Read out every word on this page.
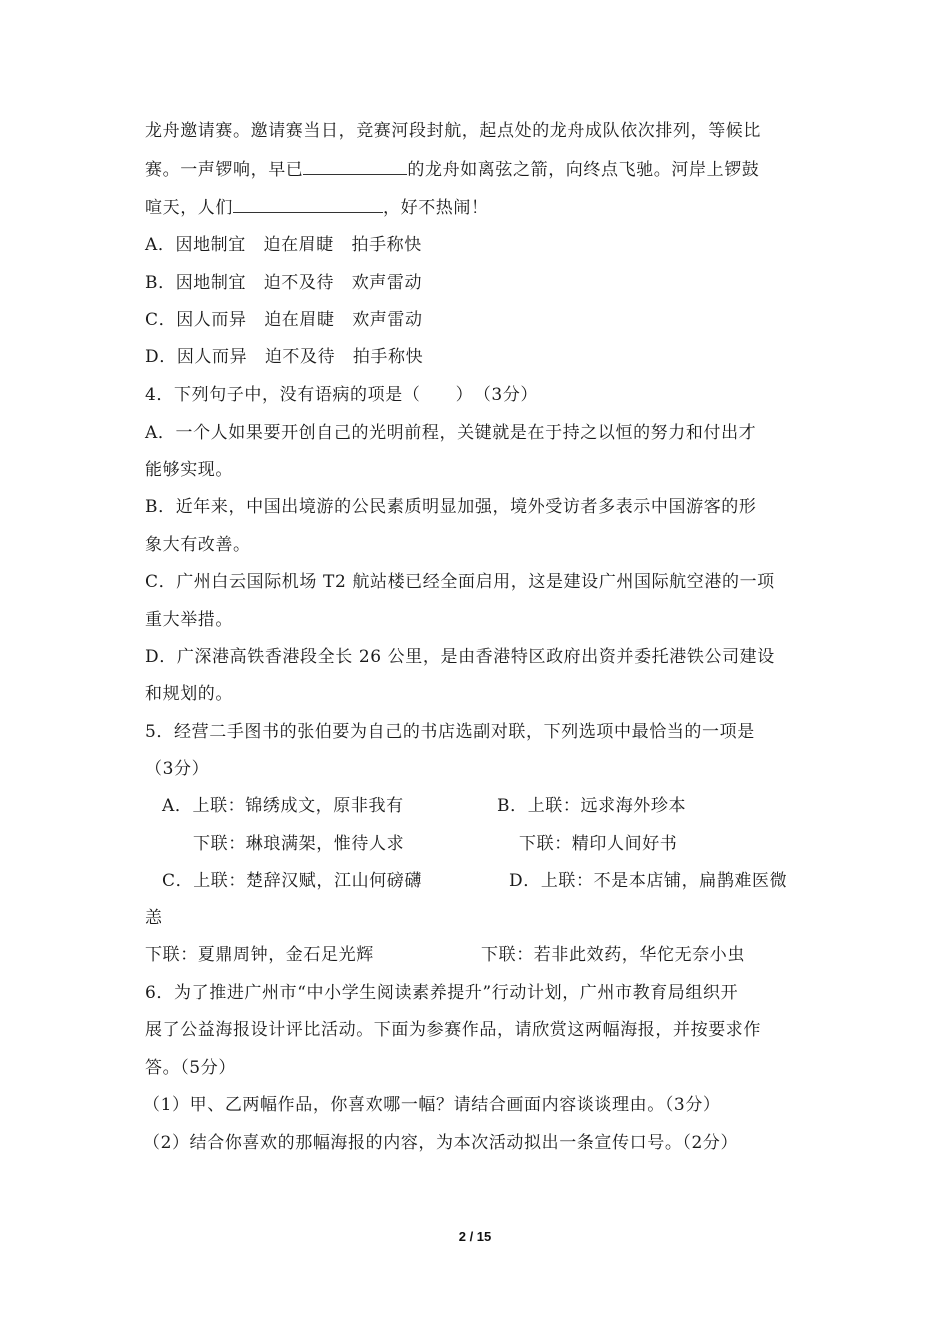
龙舟邀请赛。邀请赛当日，竞赛河段封航，起点处的龙舟成队依次排列，等候比
赛。一声锣响，早已	的龙舟如离弦之箭，向终点飞驰。河岸上锣鼓
喧天，人们	，好不热闹！
A．因地制宜　迫在眉睫　拍手称快
B．因地制宜　迫不及待　欢声雷动
C．因人而异　迫在眉睫　欢声雷动
D．因人而异　迫不及待　拍手称快
4．下列句子中，没有语病的项是（　　）　（3分）
A．一个人如果要开创自己的光明前程，关键就是在于持之以恒的努力和付出才
能够实现。
B．近年来，中国出境游的公民素质明显加强，境外受访者多表示中国游客的形
象大有改善。
C．广州白云国际机场 T2 航站楼已经全面启用，这是建设广州国际航空港的一项
重大举措。
D．广深港高铁香港段全长 26 公里，是由香港特区政府出资并委托港铁公司建设
和规划的。
5．经营二手图书的张伯要为自己的书店选副对联，下列选项中最恰当的一项是
（3分）
A．上联：锦绣成文，原非我有	B．上联：远求海外珍本
下联：琳琅满架，惟待人求	下联：精印人间好书
C．上联：楚辞汉赋，江山何磅礴	D．上联：不是本店铺，扁鹊难医微
恙
下联：夏鼎周钟，金石足光辉	下联：若非此效药，华佗无奈小虫
6．为了推进广州市“中小学生阅读素养提升”行动计划，广州市教育局组织开
展了公益海报设计评比活动。下面为参赛作品，请欣赏这两幅海报，并按要求作
答。（5分）
（1）甲、乙两幅作品，你喜欢哪一幅？请结合画面内容谈谈理由。（3分）
（2）结合你喜欢的那幅海报的内容，为本次活动拟出一条宣传口号。（2分）
2 / 15
